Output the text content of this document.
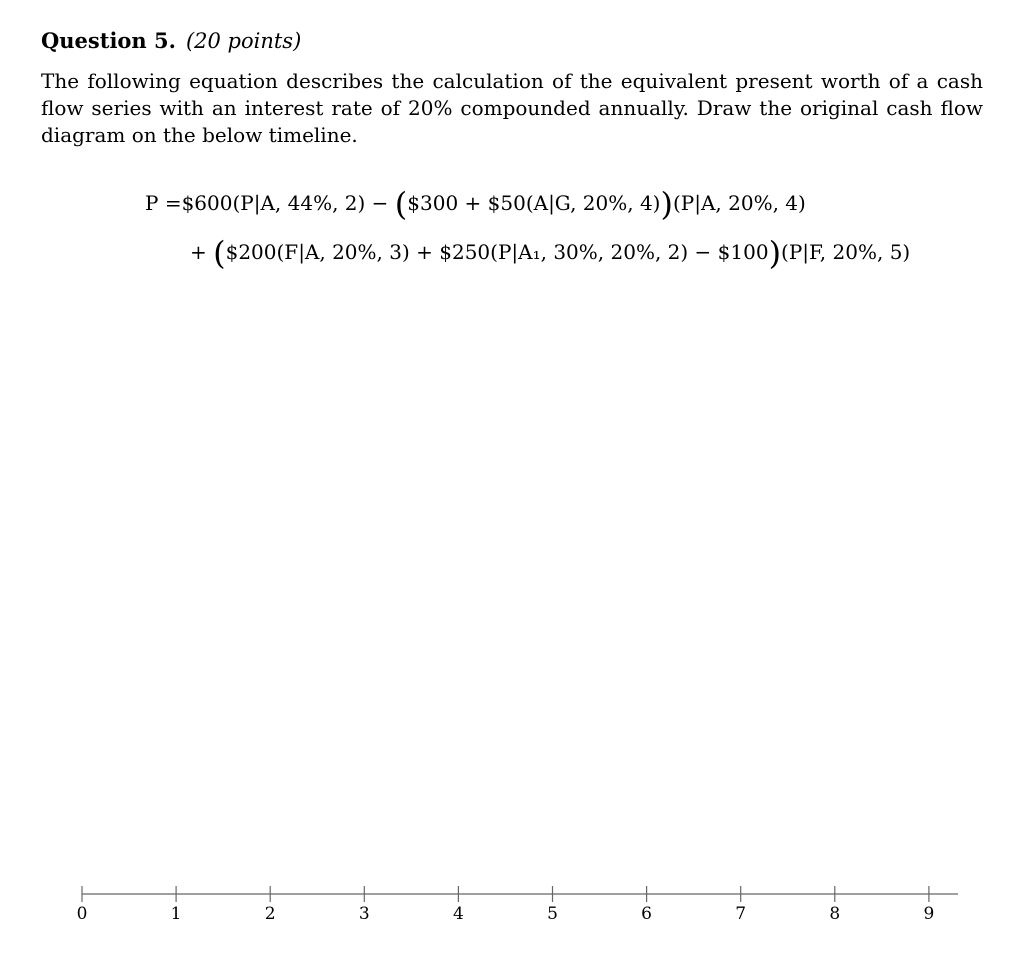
Question 5. (20 points)
The following equation describes the calculation of the equivalent present worth of a cash flow series with an interest rate of 20% compounded annually. Draw the original cash flow diagram on the below timeline.
P =$600(P|A, 44%, 2) − ($300 + $50(A|G, 20%, 4))(P|A, 20%, 4)
+ ($200(F|A, 20%, 3) + $250(P|A₁, 30%, 20%, 2) − $100)(P|F, 20%, 5)
0	1	2	3	4	5	6	7	8	9
